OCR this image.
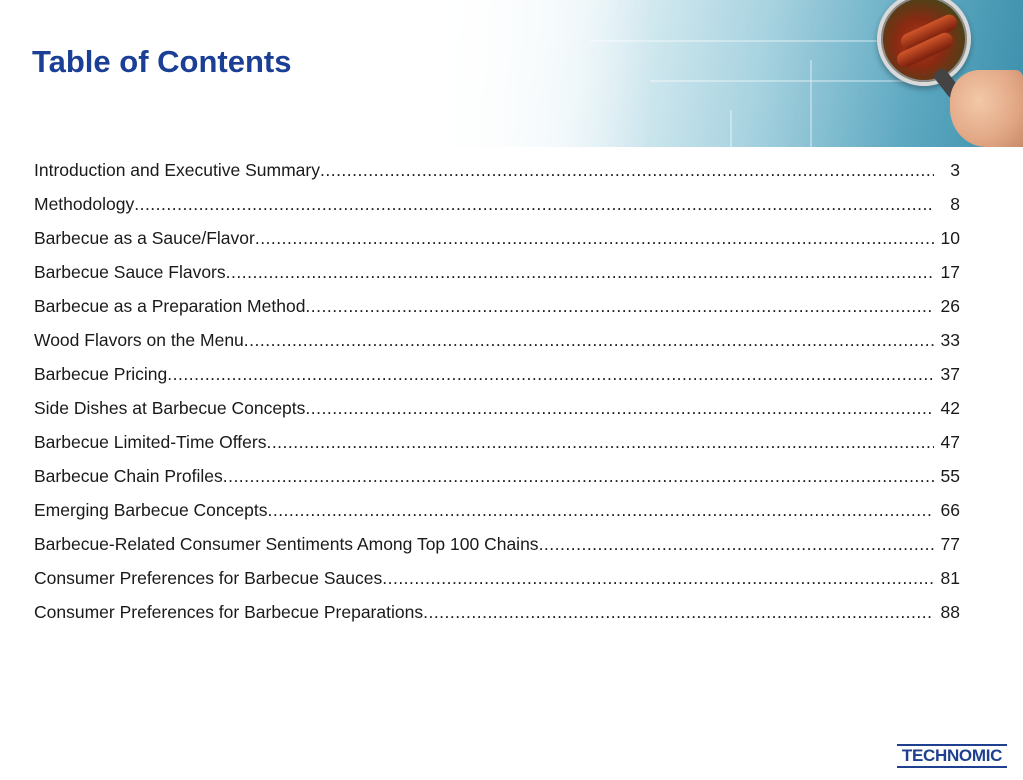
Table of Contents
Introduction and Executive Summary .....	3
Methodology .....	8
Barbecue as a Sauce/Flavor .....	10
Barbecue Sauce Flavors .....	17
Barbecue as a Preparation Method .....	26
Wood Flavors on the Menu .....	33
Barbecue Pricing .....	37
Side Dishes at Barbecue Concepts .....	42
Barbecue Limited-Time Offers .....	47
Barbecue Chain Profiles .....	55
Emerging Barbecue Concepts .....	66
Barbecue-Related Consumer Sentiments Among Top 100 Chains .....	77
Consumer Preferences for Barbecue Sauces .....	81
Consumer Preferences for Barbecue Preparations .....	88
TECHNOMIC
